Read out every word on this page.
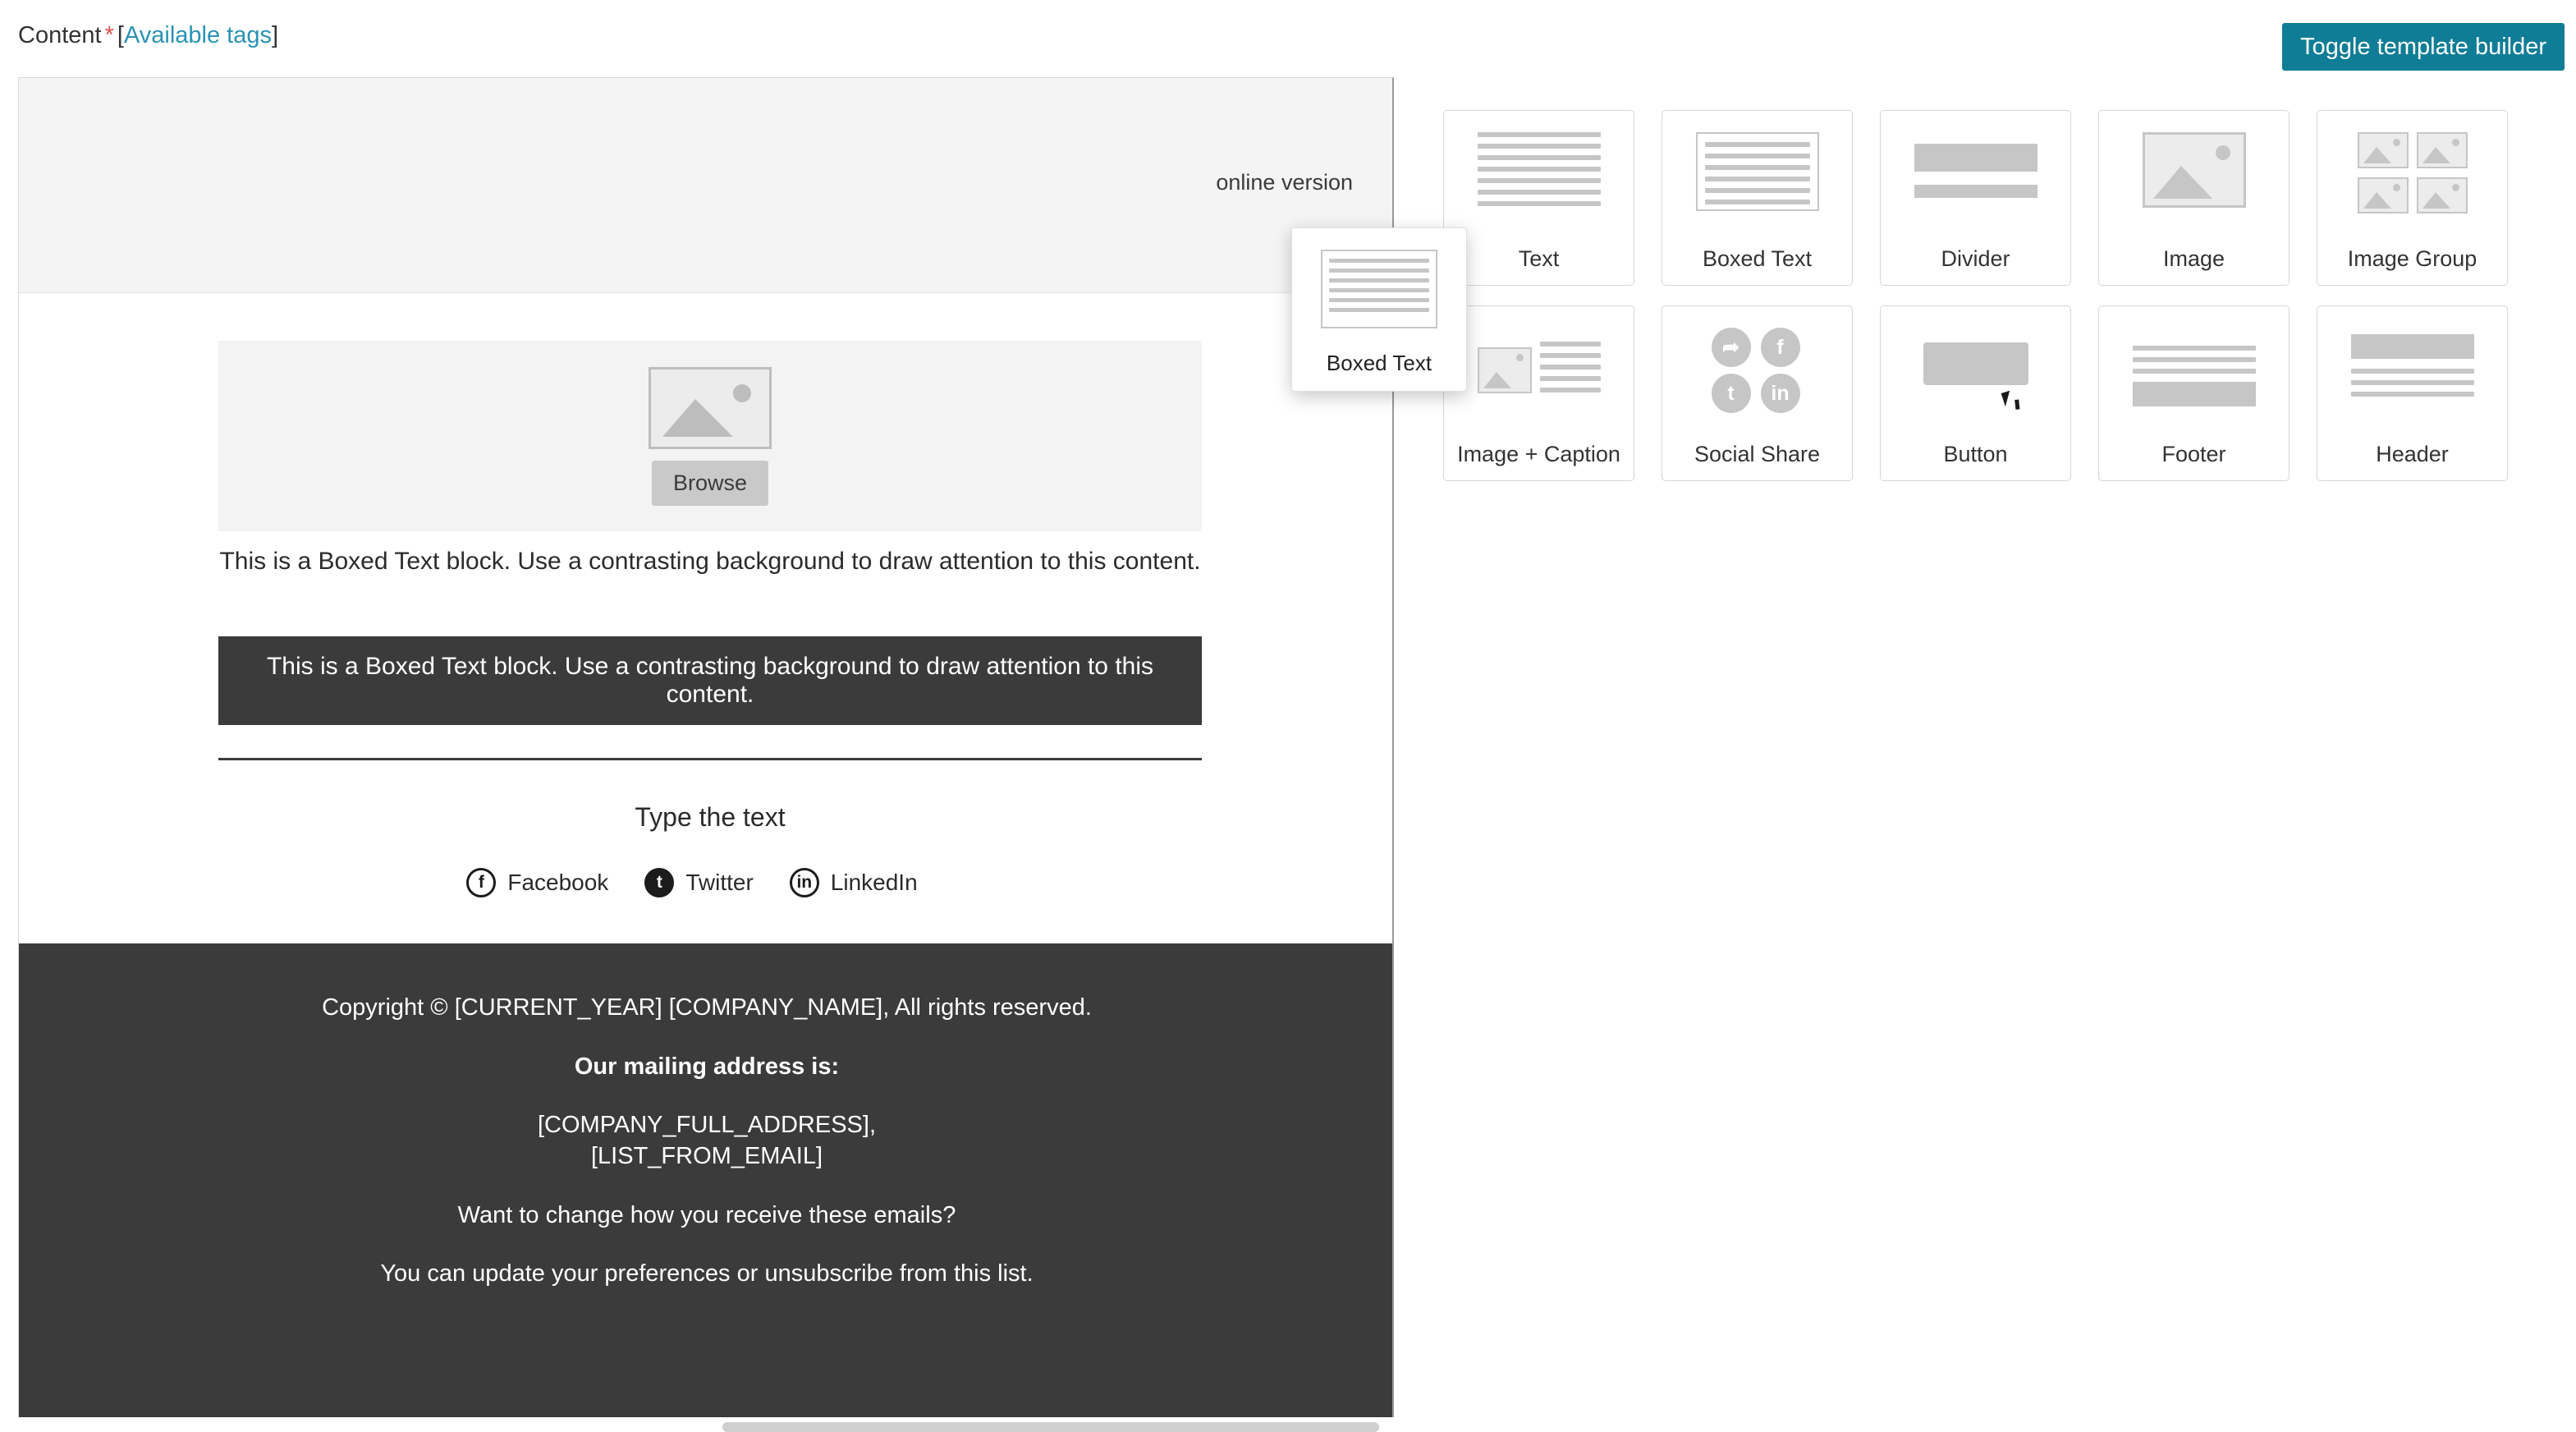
Content * [Available tags]	Toggle template builder
online version
Browse
This is a Boxed Text block. Use a contrasting background to draw attention to this content.
This is a Boxed Text block. Use a contrasting background to draw attention to this content.
Type the text
f	Facebook	t	Twitter	in LinkedIn

Copyright © [CURRENT_YEAR] [COMPANY_NAME], All rights reserved.

Our mailing address is:

[COMPANY_FULL_ADDRESS],
[LIST_FROM_EMAIL]

Want to change how you receive these emails?

You can update your preferences or unsubscribe from this list.

Text	Boxed Text	Divider	Image	Image Group
Image + Caption
➦	f
t	in
Social Share	Button	Footer	Header
Boxed Text
